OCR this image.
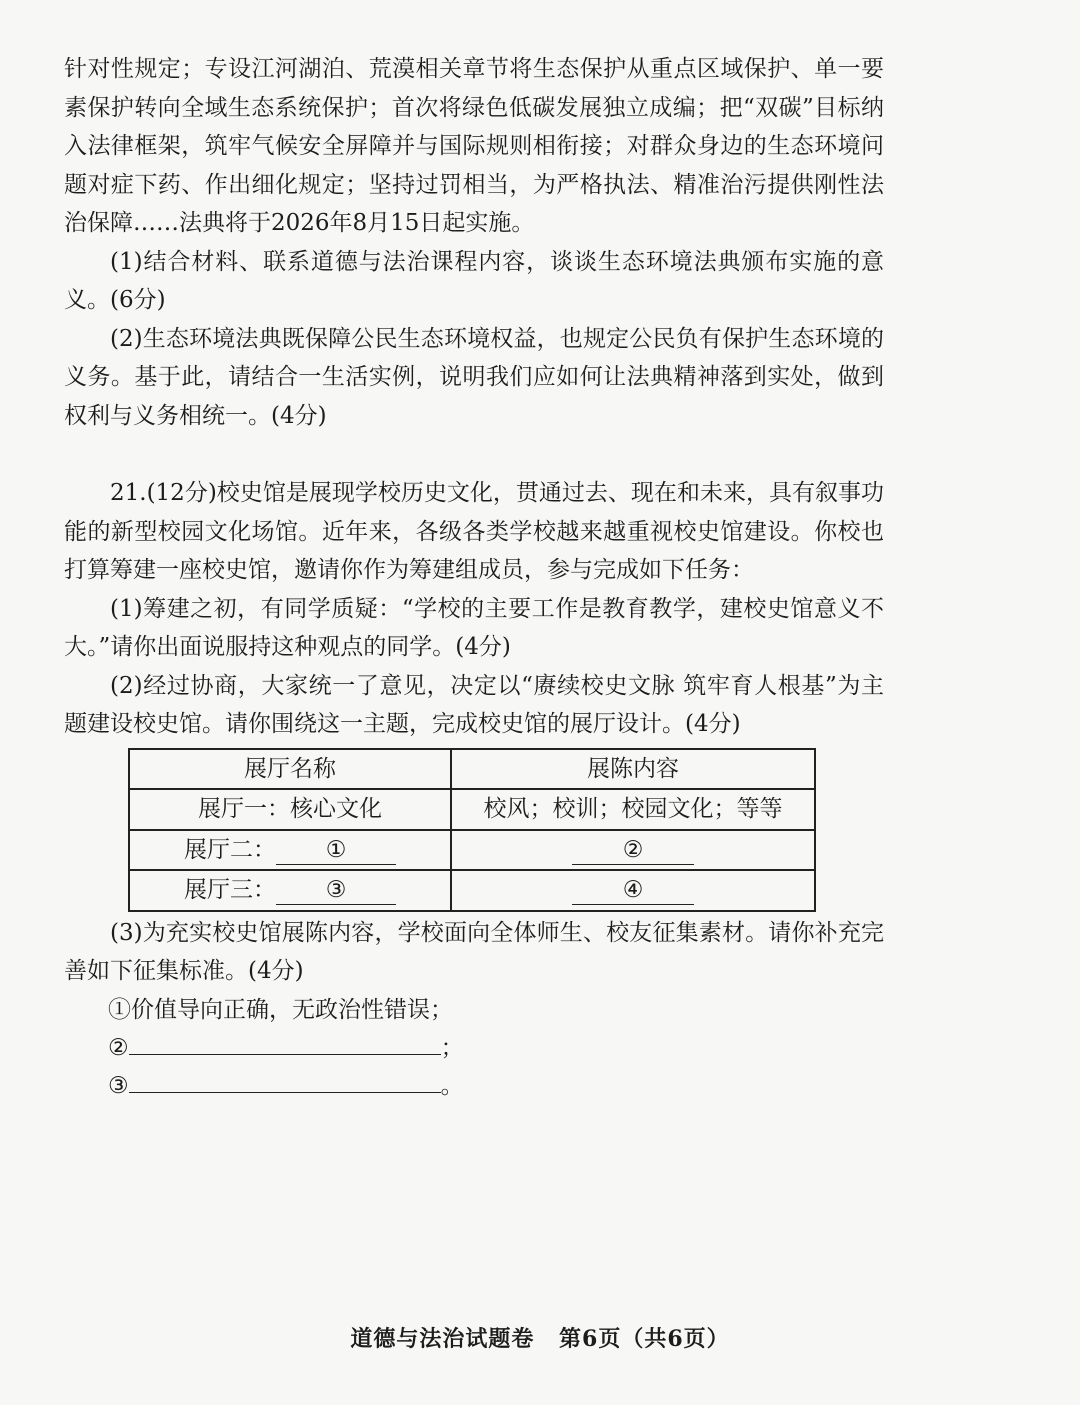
针对性规定；专设江河湖泊、荒漠相关章节将生态保护从重点区域保护、单一要素保护转向全域生态系统保护；首次将绿色低碳发展独立成编；把“双碳”目标纳入法律框架，筑牢气候安全屏障并与国际规则相衔接；对群众身边的生态环境问题对症下药、作出细化规定；坚持过罚相当，为严格执法、精准治污提供刚性法治保障……法典将于2026年8月15日起实施。

(1)结合材料、联系道德与法治课程内容，谈谈生态环境法典颁布实施的意义。(6分)

(2)生态环境法典既保障公民生态环境权益，也规定公民负有保护生态环境的义务。基于此，请结合一生活实例，说明我们应如何让法典精神落到实处，做到权利与义务相统一。(4分)

21.(12分)校史馆是展现学校历史文化，贯通过去、现在和未来，具有叙事功能的新型校园文化场馆。近年来，各级各类学校越来越重视校史馆建设。你校也打算筹建一座校史馆，邀请你作为筹建组成员，参与完成如下任务：

(1)筹建之初，有同学质疑：“学校的主要工作是教育教学，建校史馆意义不大。”请你出面说服持这种观点的同学。(4分)

(2)经过协商，大家统一了意见，决定以“赓续校史文脉 筑牢育人根基”为主题建设校史馆。请你围绕这一主题，完成校史馆的展厅设计。(4分)

展厅名称	展陈内容
展厅一：核心文化	校风；校训；校园文化；等等
展厅二： ①	②
展厅三： ③	④

(3)为充实校史馆展陈内容，学校面向全体师生、校友征集素材。请你补充完善如下征集标准。(4分)

①价值导向正确，无政治性错误；

②	；

③	。

道德与法治试题卷 第6页（共6页）
